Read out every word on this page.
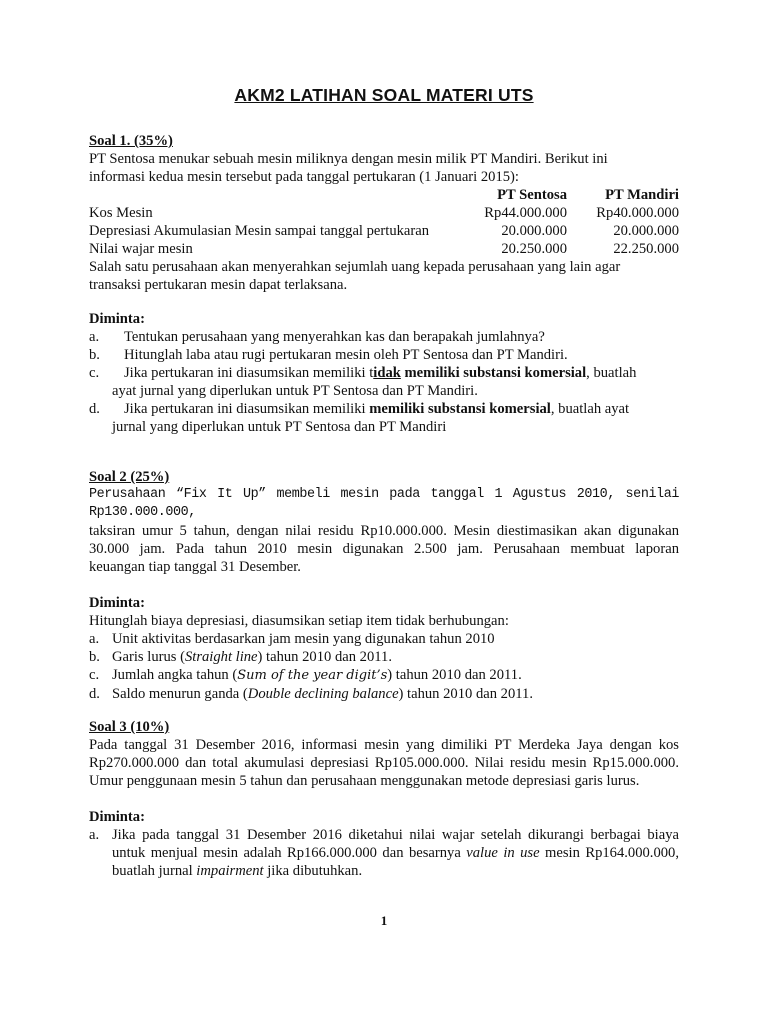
AKM2 LATIHAN SOAL MATERI UTS
Soal 1. (35%)
PT Sentosa menukar sebuah mesin miliknya dengan mesin milik PT Mandiri. Berikut ini
informasi kedua mesin tersebut pada tanggal pertukaran (1 Januari 2015):
	PT Sentosa	PT Mandiri
Kos Mesin	Rp44.000.000	Rp40.000.000
Depresiasi Akumulasian Mesin sampai tanggal pertukaran	20.000.000	20.000.000
Nilai wajar mesin	20.250.000	22.250.000
Salah satu perusahaan akan menyerahkan sejumlah uang kepada perusahaan yang lain agar
transaksi pertukaran mesin dapat terlaksana.
Diminta:
a. Tentukan perusahaan yang menyerahkan kas dan berapakah jumlahnya?
b. Hitunglah laba atau rugi pertukaran mesin oleh PT Sentosa dan PT Mandiri.
c. Jika pertukaran ini diasumsikan memiliki tidak memiliki substansi komersial, buatlah
ayat jurnal yang diperlukan untuk PT Sentosa dan PT Mandiri.
d. Jika pertukaran ini diasumsikan memiliki memiliki substansi komersial, buatlah ayat
jurnal yang diperlukan untuk PT Sentosa dan PT Mandiri
Soal 2 (25%)
Perusahaan “Fix It Up” membeli mesin pada tanggal 1 Agustus 2010, senilai Rp130.000.000,
taksiran umur 5 tahun, dengan nilai residu Rp10.000.000. Mesin diestimasikan akan digunakan
30.000 jam. Pada tahun 2010 mesin digunakan 2.500 jam. Perusahaan membuat laporan
keuangan tiap tanggal 31 Desember.
Diminta:
Hitunglah biaya depresiasi, diasumsikan setiap item tidak berhubungan:
a. Unit aktivitas berdasarkan jam mesin yang digunakan tahun 2010
b. Garis lurus (Straight line) tahun 2010 dan 2011.
c. Jumlah angka tahun (Sum of the year digit’s) tahun 2010 dan 2011.
d. Saldo menurun ganda (Double declining balance) tahun 2010 dan 2011.
Soal 3 (10%)
Pada tanggal 31 Desember 2016, informasi mesin yang dimiliki PT Merdeka Jaya dengan kos
Rp270.000.000 dan total akumulasi depresiasi Rp105.000.000. Nilai residu mesin Rp15.000.000.
Umur penggunaan mesin 5 tahun dan perusahaan menggunakan metode depresiasi garis lurus.
Diminta:
a. Jika pada tanggal 31 Desember 2016 diketahui nilai wajar setelah dikurangi berbagai biaya
untuk menjual mesin adalah Rp166.000.000 dan besarnya value in use mesin Rp164.000.000,
buatlah jurnal impairment jika dibutuhkan.
1
